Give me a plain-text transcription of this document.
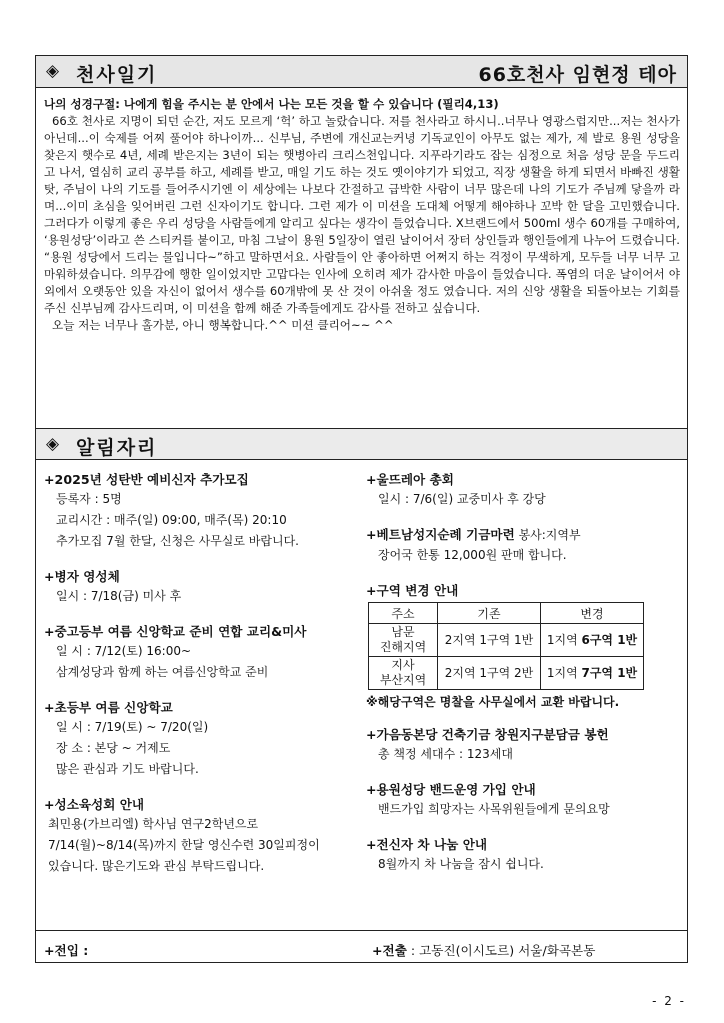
◈ 천사일기	66호천사 임현정 테아
나의 성경구절: 나에게 힘을 주시는 분 안에서 나는 모든 것을 할 수 있습니다 (필리4,13)

66호 천사로 지명이 되던 순간, 저도 모르게 ‘헉’ 하고 놀랐습니다. 저를 천사라고 하시니..너무나 영광스럽지만...저는 천사가 아닌데...이 숙제를 어찌 풀어야 하나이까... 신부님, 주변에 개신교는커녕 기독교인이 아무도 없는 제가, 제 발로 용원 성당을 찾은지 햇수로 4년, 세례 받은지는 3년이 되는 햇병아리 크리스천입니다. 지푸라기라도 잡는 심정으로 처음 성당 문을 두드리고 나서, 열심히 교리 공부를 하고, 세례를 받고, 매일 기도 하는 것도 옛이야기가 되었고, 직장 생활을 하게 되면서 바빠진 생활 탓, 주님이 나의 기도를 들어주시기엔 이 세상에는 나보다 간절하고 급박한 사람이 너무 많은데 나의 기도가 주님께 닿을까 라며...이미 초심을 잊어버린 그런 신자이기도 합니다. 그런 제가 이 미션을 도대체 어떻게 해야하나 꼬박 한 달을 고민했습니다. 그러다가 이렇게 좋은 우리 성당을 사람들에게 알리고 싶다는 생각이 들었습니다. X브랜드에서 500ml 생수 60개를 구매하여, ‘용원성당’이라고 쓴 스티커를 붙이고, 마침 그날이 용원 5일장이 열린 날이어서 장터 상인들과 행인들에게 나누어 드렸습니다. “용원 성당에서 드리는 물입니다~”하고 말하면서요. 사람들이 안 좋아하면 어쩌지 하는 걱정이 무색하게, 모두들 너무 너무 고마워하셨습니다. 의무감에 행한 일이었지만 고맙다는 인사에 오히려 제가 감사한 마음이 들었습니다. 폭염의 더운 날이어서 야외에서 오랫동안 있을 자신이 없어서 생수를 60개밖에 못 산 것이 아쉬울 정도 였습니다. 저의 신앙 생활을 되돌아보는 기회를 주신 신부님께 감사드리며, 이 미션을 함께 해준 가족들에게도 감사를 전하고 싶습니다.

오늘 저는 너무나 홀가분, 아니 행복합니다.^^ 미션 클리어~~ ^^

◈ 알림자리
+2025년 성탄반 예비신자 추가모집
등록자 : 5명
교리시간 : 매주(일) 09:00, 매주(목) 20:10
추가모집 7월 한달, 신청은 사무실로 바랍니다.
+병자 영성체
일시 : 7/18(금) 미사 후
+중고등부 여름 신앙학교 준비 연합 교리&미사
일 시 : 7/12(토) 16:00~
삼계성당과 함께 하는 여름신앙학교 준비
+초등부 여름 신앙학교
일 시 : 7/19(토) ~ 7/20(일)
장 소 : 본당 ~ 거제도
많은 관심과 기도 바랍니다.
+성소육성회 안내
최민용(가브리엘) 학사님 연구2학년으로
7/14(월)~8/14(목)까지 한달 영신수련 30일피정이
있습니다. 많은기도와 관심 부탁드립니다.
+울뜨레아 총회
일시 : 7/6(일) 교중미사 후 강당
+베트남성지순례 기금마련 봉사:지역부
장어국 한통 12,000원 판매 합니다.
+구역 변경 안내
주소	기존	변경
남문
진해지역	2지역 1구역 1반	1지역 6구역 1반
지사
부산지역	2지역 1구역 2반	1지역 7구역 1반
※해당구역은 명찰을 사무실에서 교환 바랍니다.
+가음동본당 건축기금 창원지구분담금 봉헌
총 책정 세대수 : 123세대
+용원성당 밴드운영 가입 안내
밴드가입 희망자는 사목위원들에게 문의요망
+전신자 차 나눔 안내
8월까지 차 나눔을 잠시 쉽니다.
+전입 :	+전출 : 고동진(이시도르) 서울/화곡본동
- 2 -
